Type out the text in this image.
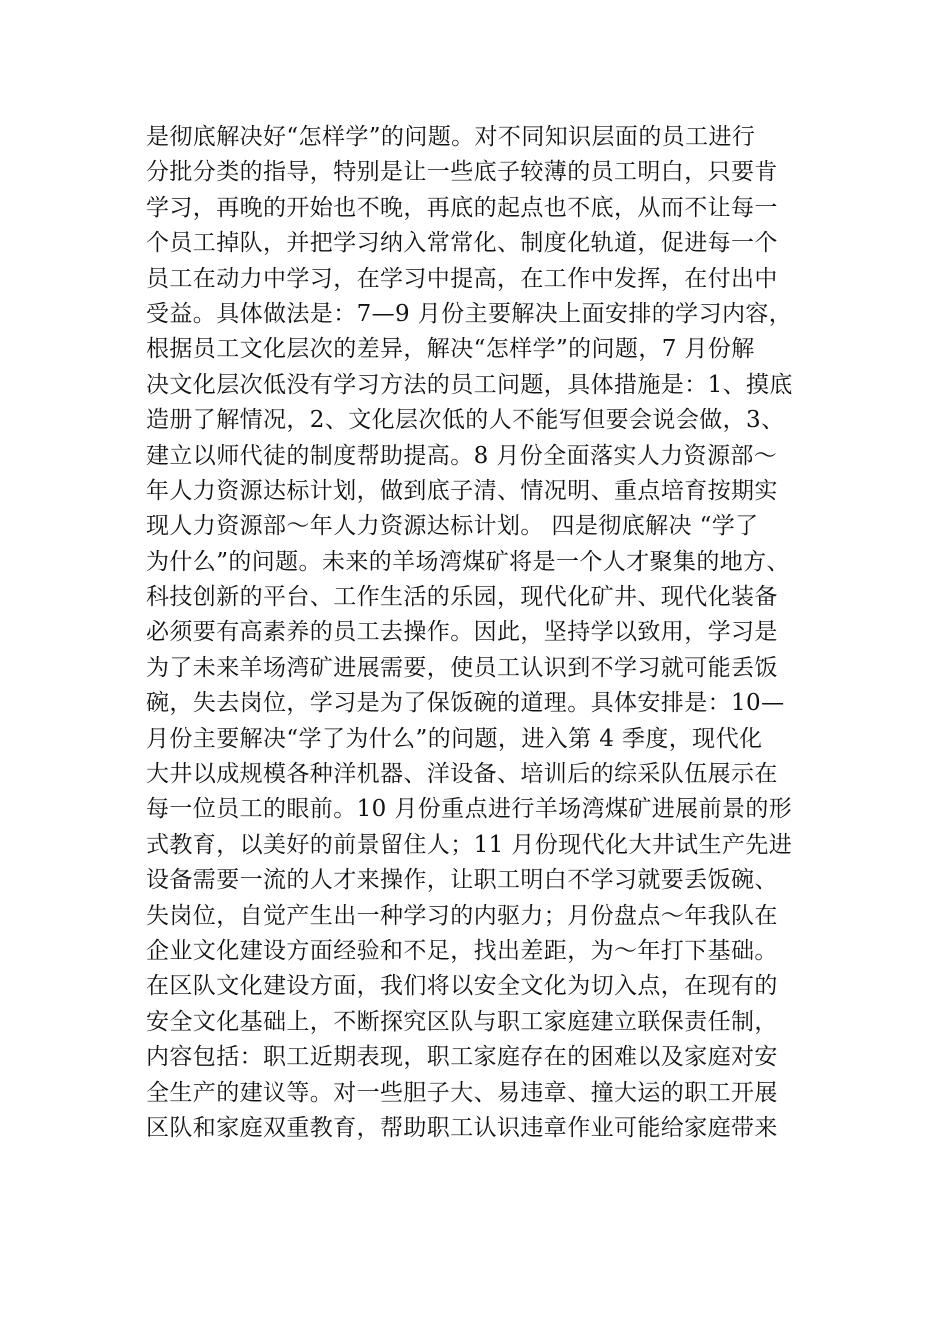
是彻底解决好“怎样学”的问题。对不同知识层面的员工进行
分批分类的指导，特别是让一些底子较薄的员工明白，只要肯
学习，再晚的开始也不晚，再底的起点也不底，从而不让每一
个员工掉队，并把学习纳入常常化、制度化轨道，促进每一个
员工在动力中学习，在学习中提高，在工作中发挥，在付出中
受益。具体做法是：7—9 月份主要解决上面安排的学习内容，
根据员工文化层次的差异，解决“怎样学”的问题，7 月份解
决文化层次低没有学习方法的员工问题，具体措施是：1、摸底
造册了解情况，2、文化层次低的人不能写但要会说会做，3、
建立以师代徒的制度帮助提高。8 月份全面落实人力资源部～
年人力资源达标计划，做到底子清、情况明、重点培育按期实
现人力资源部～年人力资源达标计划。 四是彻底解决 “学了
为什么”的问题。未来的羊场湾煤矿将是一个人才聚集的地方、
科技创新的平台、工作生活的乐园，现代化矿井、现代化装备
必须要有高素养的员工去操作。因此，坚持学以致用，学习是
为了未来羊场湾矿进展需要，使员工认识到不学习就可能丢饭
碗，失去岗位，学习是为了保饭碗的道理。具体安排是：10—
月份主要解决“学了为什么”的问题，进入第 4 季度，现代化
大井以成规模各种洋机器、洋设备、培训后的综采队伍展示在
每一位员工的眼前。10 月份重点进行羊场湾煤矿进展前景的形
式教育，以美好的前景留住人；11 月份现代化大井试生产先进
设备需要一流的人才来操作，让职工明白不学习就要丢饭碗、
失岗位，自觉产生出一种学习的内驱力；月份盘点～年我队在
企业文化建设方面经验和不足，找出差距，为～年打下基础。
在区队文化建设方面，我们将以安全文化为切入点，在现有的
安全文化基础上，不断探究区队与职工家庭建立联保责任制，
内容包括：职工近期表现，职工家庭存在的困难以及家庭对安
全生产的建议等。对一些胆子大、易违章、撞大运的职工开展
区队和家庭双重教育，帮助职工认识违章作业可能给家庭带来
